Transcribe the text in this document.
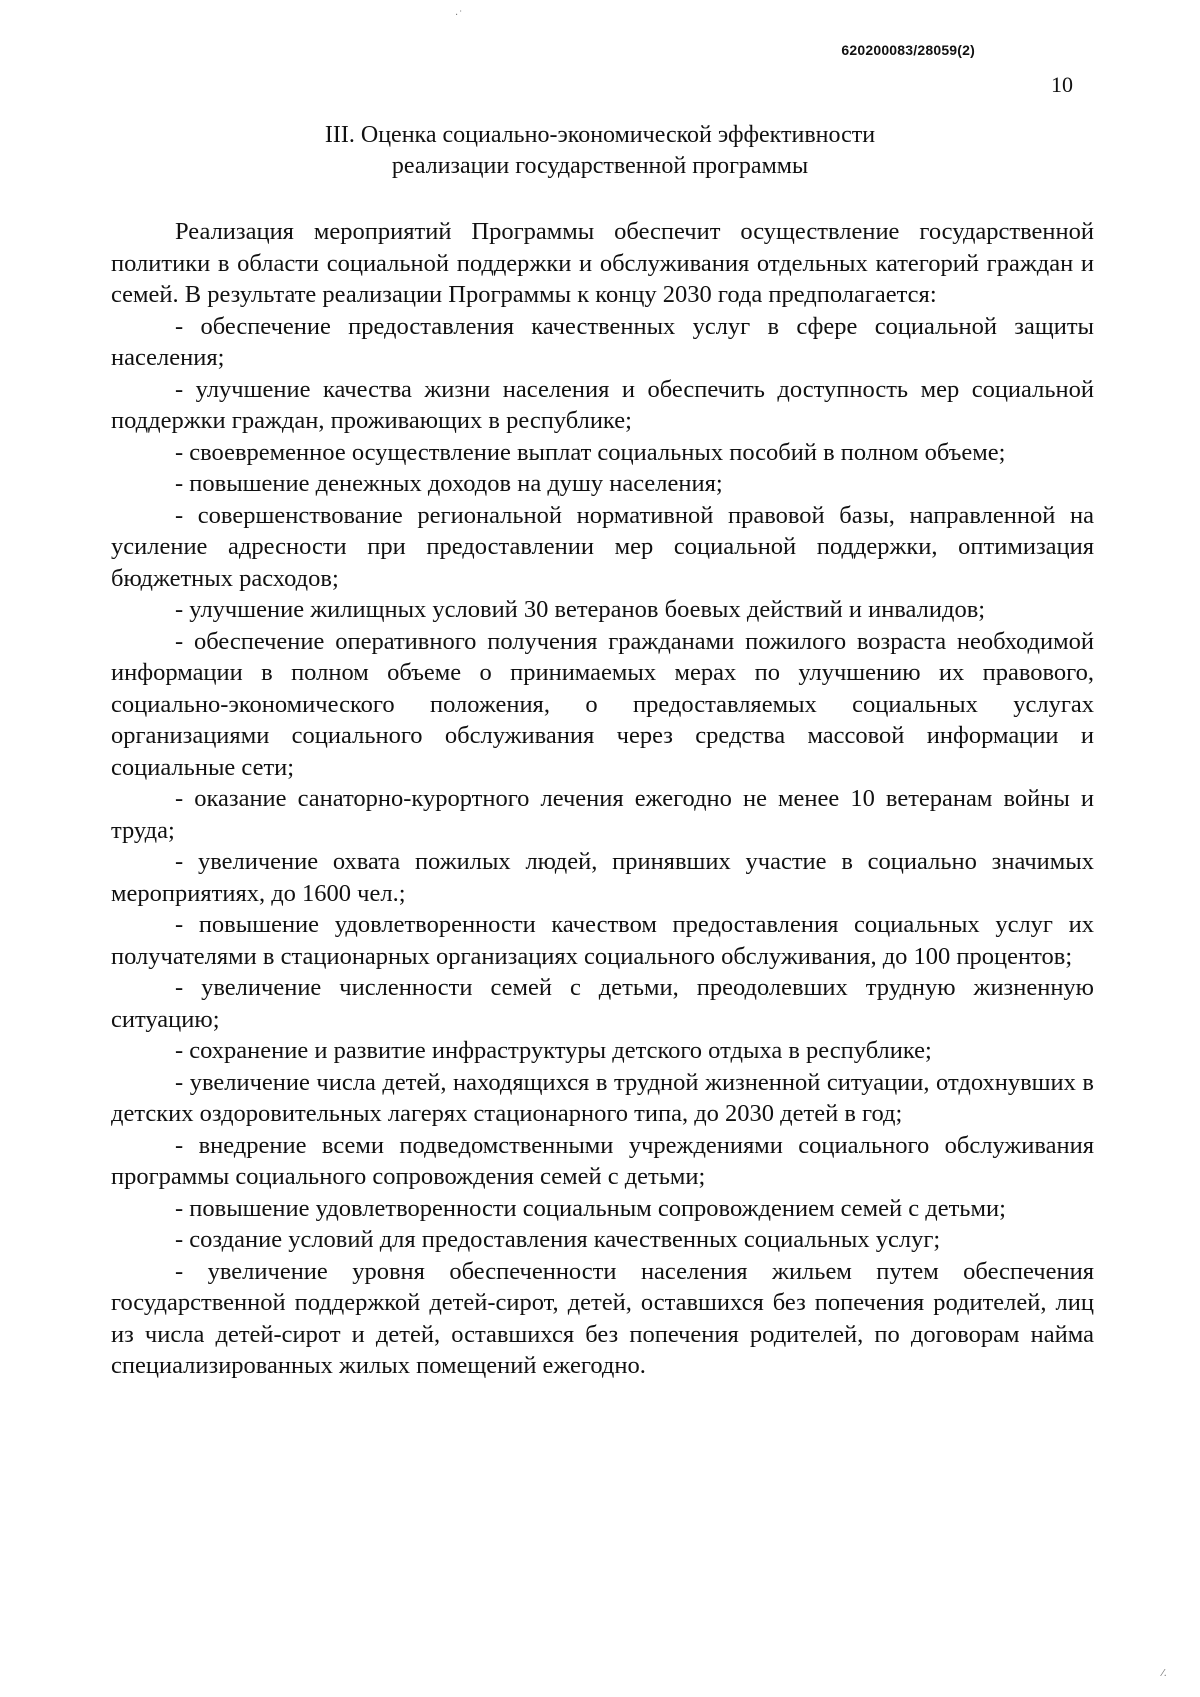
620200083/28059(2)
10
III. Оценка социально-экономической эффективности
реализации государственной программы

Реализация мероприятий Программы обеспечит осуществление государственной политики в области социальной поддержки и обслуживания отдельных категорий граждан и семей. В результате реализации Программы к концу 2030 года предполагается:

- обеспечение предоставления качественных услуг в сфере социальной защиты населения;

- улучшение качества жизни населения и обеспечить доступность мер социальной поддержки граждан, проживающих в республике;

- своевременное осуществление выплат социальных пособий в полном объеме;

- повышение денежных доходов на душу населения;

- совершенствование региональной нормативной правовой базы, направленной на усиление адресности при предоставлении мер социальной поддержки, оптимизация бюджетных расходов;

- улучшение жилищных условий 30 ветеранов боевых действий и инвалидов;

- обеспечение оперативного получения гражданами пожилого возраста необходимой информации в полном объеме о принимаемых мерах по улучшению их правового, социально-экономического положения, о предоставляемых социальных услугах организациями социального обслуживания через средства массовой информации и социальные сети;

- оказание санаторно-курортного лечения ежегодно не менее 10 ветеранам войны и труда;

- увеличение охвата пожилых людей, принявших участие в социально значимых мероприятиях, до 1600 чел.;

- повышение удовлетворенности качеством предоставления социальных услуг их получателями в стационарных организациях социального обслуживания, до 100 процентов;

- увеличение численности семей с детьми, преодолевших трудную жизненную ситуацию;

- сохранение и развитие инфраструктуры детского отдыха в республике;

- увеличение числа детей, находящихся в трудной жизненной ситуации, отдохнувших в детских оздоровительных лагерях стационарного типа, до 2030 детей в год;

- внедрение всеми подведомственными учреждениями социального обслуживания программы социального сопровождения семей с детьми;

- повышение удовлетворенности социальным сопровождением семей с детьми;

- создание условий для предоставления качественных социальных услуг;

- увеличение уровня обеспеченности населения жильем путем обеспечения государственной поддержкой детей-сирот, детей, оставшихся без попечения родителей, лиц из числа детей-сирот и детей, оставшихся без попечения родителей, по договорам найма специализированных жилых помещений ежегодно.

·˙
⁄.
